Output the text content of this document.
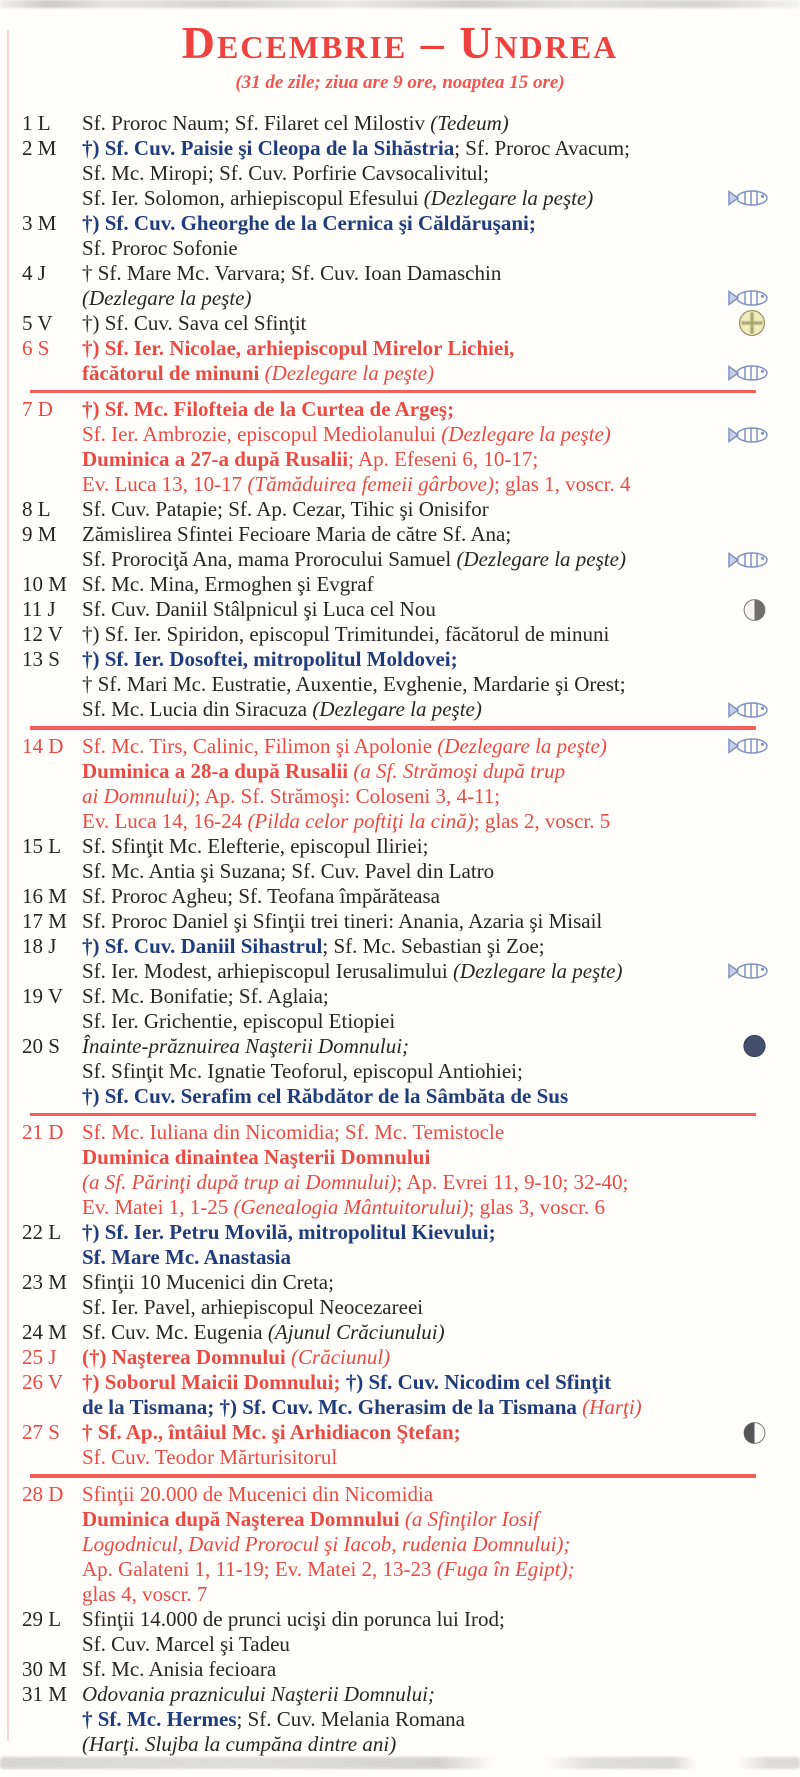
Decembrie – Undrea
(31 de zile; ziua are 9 ore, noaptea 15 ore)
1 L	Sf. Proroc Naum; Sf. Filaret cel Milostiv (Tedeum)
2 M	†) Sf. Cuv. Paisie şi Cleopa de la Sihăstria; Sf. Proroc Avacum;
Sf. Mc. Miropi; Sf. Cuv. Porfirie Cavsocalivitul;
Sf. Ier. Solomon, arhiepiscopul Efesului (Dezlegare la peşte)
3 M	†) Sf. Cuv. Gheorghe de la Cernica şi Căldăruşani;
Sf. Proroc Sofonie
4 J	† Sf. Mare Mc. Varvara; Sf. Cuv. Ioan Damaschin
(Dezlegare la peşte)
5 V	†) Sf. Cuv. Sava cel Sfinţit
6 S	†) Sf. Ier. Nicolae, arhiepiscopul Mirelor Lichiei,
făcătorul de minuni (Dezlegare la peşte)
7 D	†) Sf. Mc. Filofteia de la Curtea de Argeş;
Sf. Ier. Ambrozie, episcopul Mediolanului (Dezlegare la peşte)
Duminica a 27-a după Rusalii; Ap. Efeseni 6, 10-17;
Ev. Luca 13, 10-17 (Tămăduirea femeii gârbove); glas 1, voscr. 4
8 L	Sf. Cuv. Patapie; Sf. Ap. Cezar, Tihic şi Onisifor
9 M	Zămislirea Sfintei Fecioare Maria de către Sf. Ana;
Sf. Prorociţă Ana, mama Prorocului Samuel (Dezlegare la peşte)
10 M Sf. Mc. Mina, Ermoghen şi Evgraf
11 J	Sf. Cuv. Daniil Stâlpnicul şi Luca cel Nou
12 V †) Sf. Ier. Spiridon, episcopul Trimitundei, făcătorul de minuni
13 S	†) Sf. Ier. Dosoftei, mitropolitul Moldovei;
† Sf. Mari Mc. Eustratie, Auxentie, Evghenie, Mardarie şi Orest;
Sf. Mc. Lucia din Siracuza (Dezlegare la peşte)
14 D Sf. Mc. Tirs, Calinic, Filimon şi Apolonie (Dezlegare la peşte)
Duminica a 28-a după Rusalii (a Sf. Strămoşi după trup
ai Domnului); Ap. Sf. Strămoşi: Coloseni 3, 4-11;
Ev. Luca 14, 16-24 (Pilda celor poftiţi la cină); glas 2, voscr. 5
15 L Sf. Sfinţit Mc. Elefterie, episcopul Iliriei;
Sf. Mc. Antia şi Suzana; Sf. Cuv. Pavel din Latro
16 M Sf. Proroc Agheu; Sf. Teofana împărăteasa
17 M Sf. Proroc Daniel şi Sfinţii trei tineri: Anania, Azaria şi Misail
18 J	†) Sf. Cuv. Daniil Sihastrul; Sf. Mc. Sebastian şi Zoe;
Sf. Ier. Modest, arhiepiscopul Ierusalimului (Dezlegare la peşte)
19 V Sf. Mc. Bonifatie; Sf. Aglaia;
Sf. Ier. Grichentie, episcopul Etiopiei
20 S	Înainte-prăznuirea Naşterii Domnului;
Sf. Sfinţit Mc. Ignatie Teoforul, episcopul Antiohiei;
†) Sf. Cuv. Serafim cel Răbdător de la Sâmbăta de Sus
21 D Sf. Mc. Iuliana din Nicomidia; Sf. Mc. Temistocle
Duminica dinaintea Naşterii Domnului
(a Sf. Părinţi după trup ai Domnului); Ap. Evrei 11, 9-10; 32-40;
Ev. Matei 1, 1-25 (Genealogia Mântuitorului); glas 3, voscr. 6
22 L †) Sf. Ier. Petru Movilă, mitropolitul Kievului;
Sf. Mare Mc. Anastasia
23 M Sfinţii 10 Mucenici din Creta;
Sf. Ier. Pavel, arhiepiscopul Neocezareei
24 M Sf. Cuv. Mc. Eugenia (Ajunul Crăciunului)
25 J	(†) Naşterea Domnului (Crăciunul)
26 V †) Soborul Maicii Domnului; †) Sf. Cuv. Nicodim cel Sfinţit
de la Tismana; †) Sf. Cuv. Mc. Gherasim de la Tismana (Harţi)
27 S	† Sf. Ap., întâiul Mc. şi Arhidiacon Ştefan;
Sf. Cuv. Teodor Mărturisitorul
28 D Sfinţii 20.000 de Mucenici din Nicomidia
Duminica după Naşterea Domnului (a Sfinţilor Iosif
Logodnicul, David Prorocul şi Iacob, rudenia Domnului);
Ap. Galateni 1, 11-19; Ev. Matei 2, 13-23 (Fuga în Egipt);
glas 4, voscr. 7
29 L Sfinţii 14.000 de prunci ucişi din porunca lui Irod;
Sf. Cuv. Marcel şi Tadeu
30 M Sf. Mc. Anisia fecioara
31 M Odovania praznicului Naşterii Domnului;
† Sf. Mc. Hermes; Sf. Cuv. Melania Romana
(Harţi. Slujba la cumpăna dintre ani)
